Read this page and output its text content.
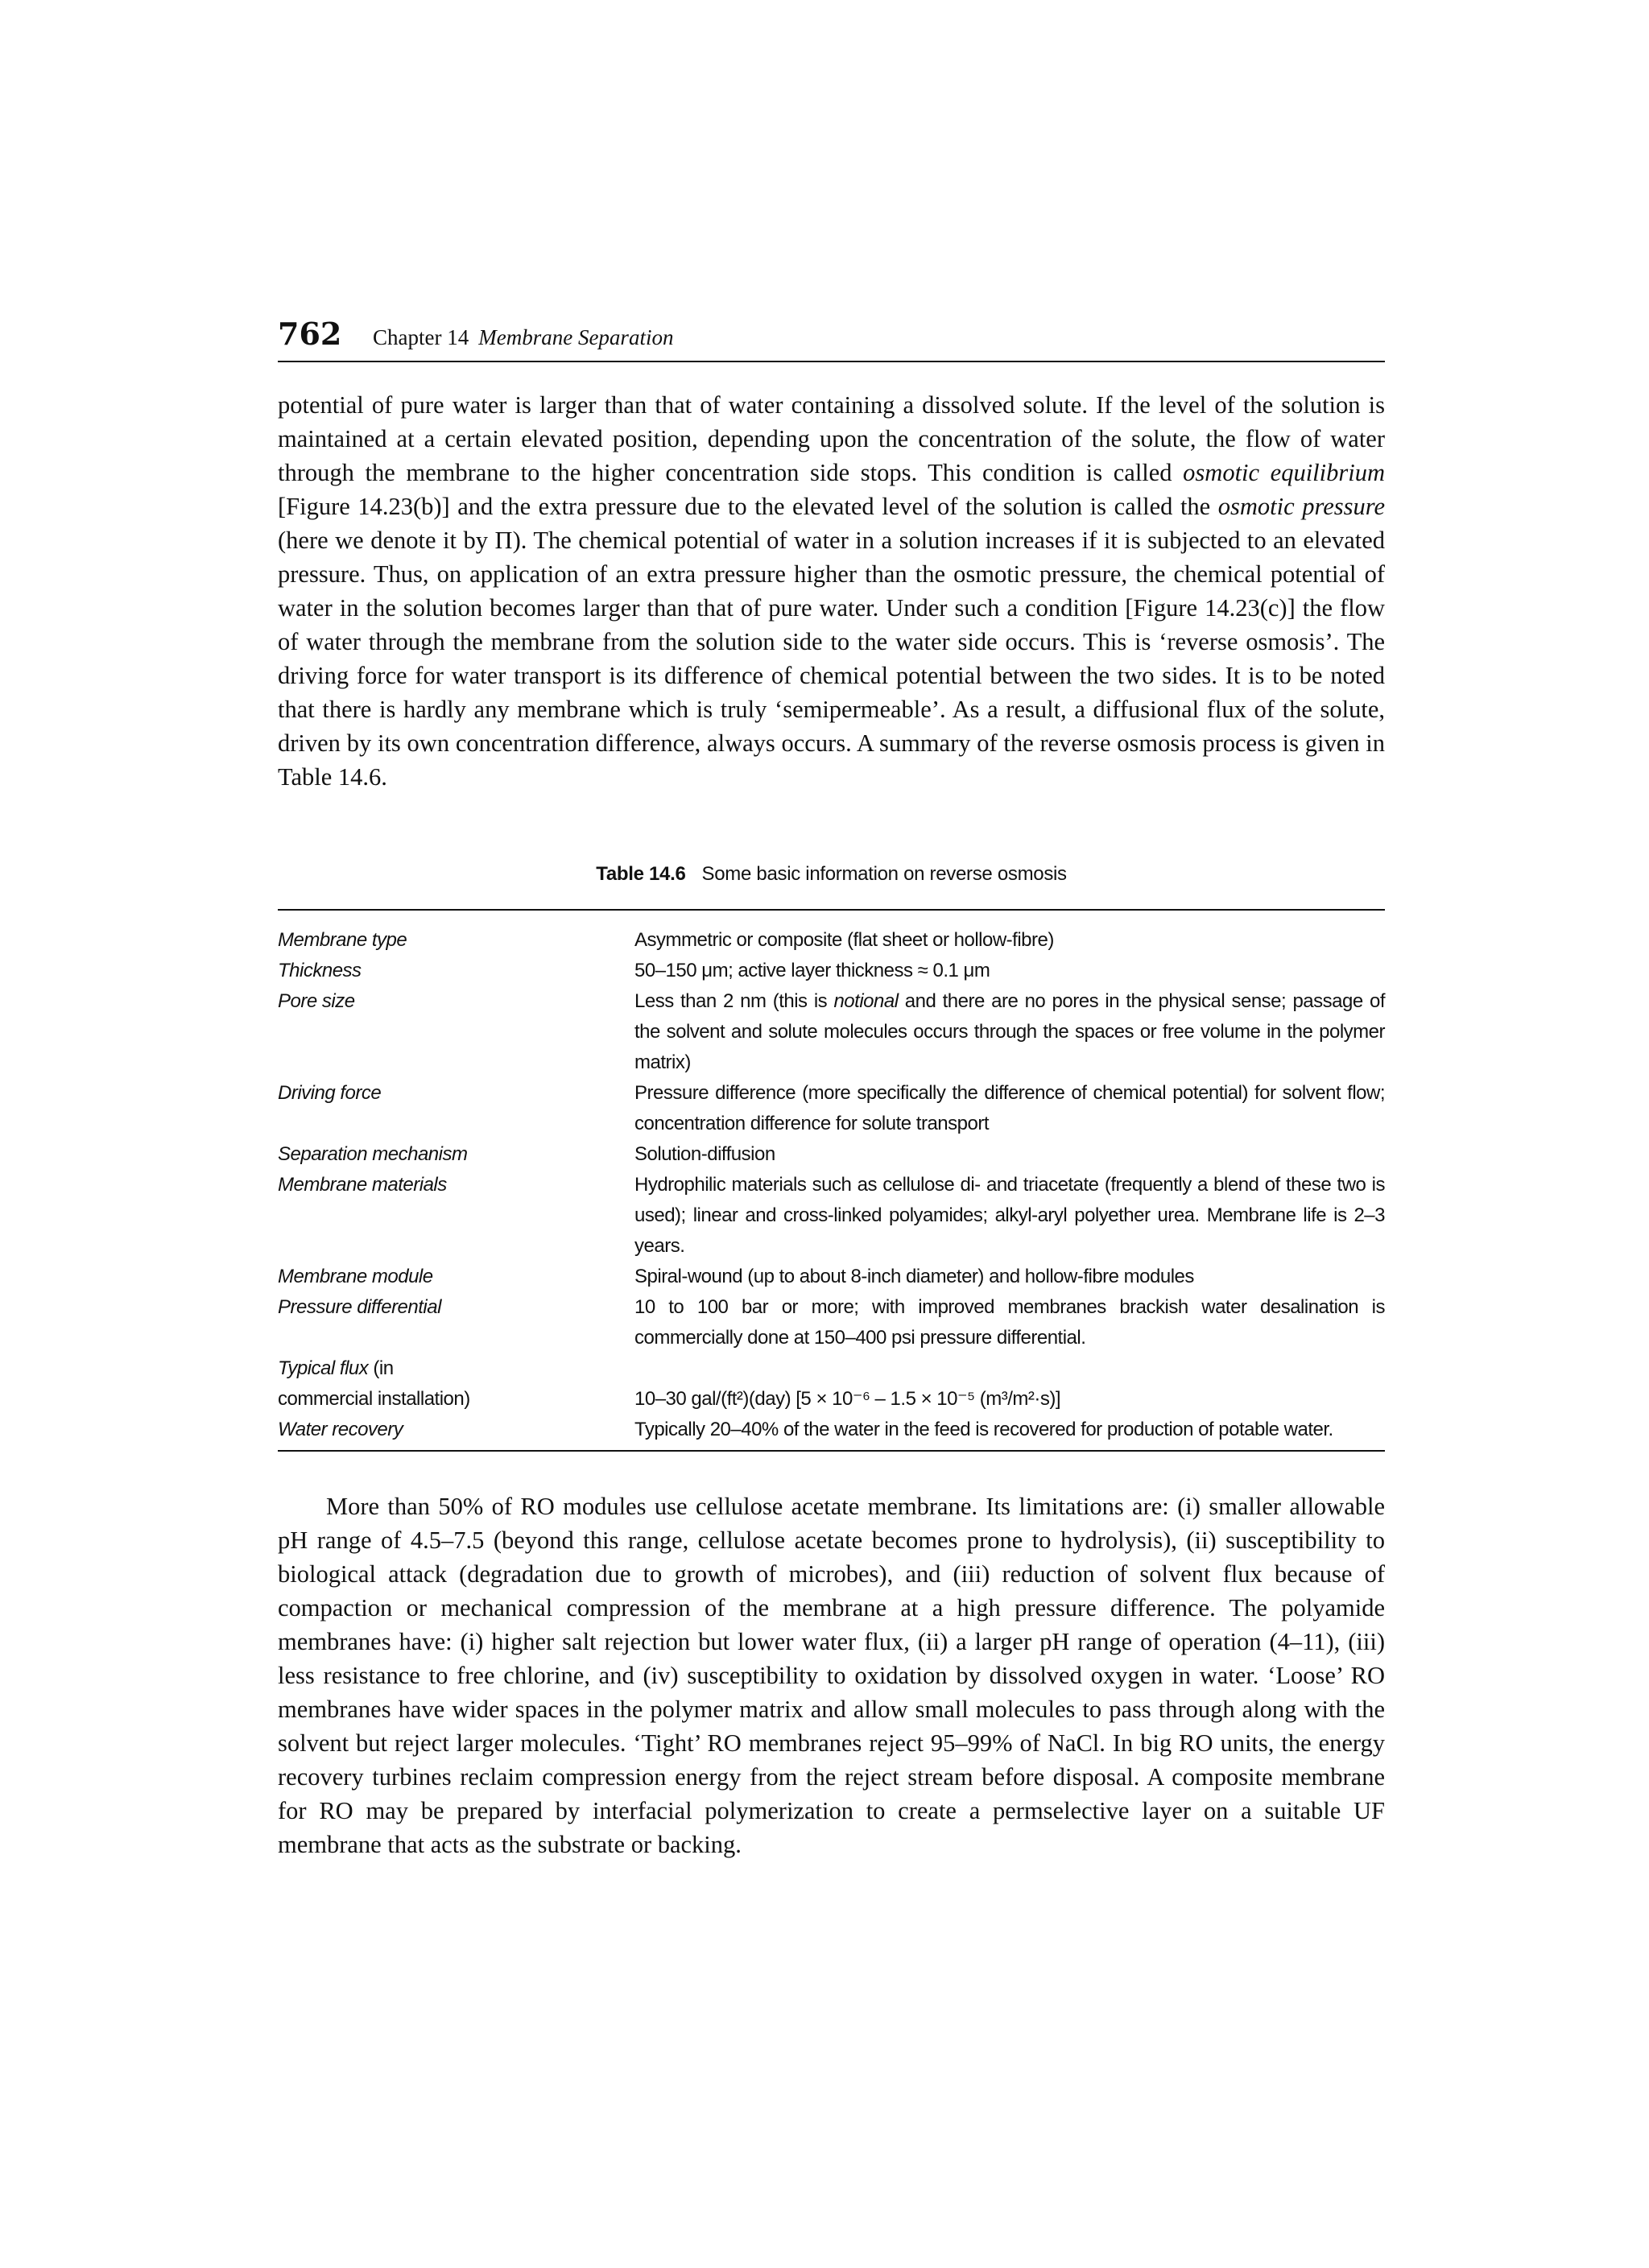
762 Chapter 14 Membrane Separation

potential of pure water is larger than that of water containing a dissolved solute. If the level of the solution is maintained at a certain elevated position, depending upon the concentration of the solute, the flow of water through the membrane to the higher concentration side stops. This condition is called osmotic equilibrium [Figure 14.23(b)] and the extra pressure due to the elevated level of the solution is called the osmotic pressure (here we denote it by Π). The chemical potential of water in a solution increases if it is subjected to an elevated pressure. Thus, on application of an extra pressure higher than the osmotic pressure, the chemical potential of water in the solution becomes larger than that of pure water. Under such a condition [Figure 14.23(c)] the flow of water through the membrane from the solution side to the water side occurs. This is ‘reverse osmosis’. The driving force for water transport is its difference of chemical potential between the two sides. It is to be noted that there is hardly any membrane which is truly ‘semipermeable’. As a result, a diffusional flux of the solute, driven by its own concentration difference, always occurs. A summary of the reverse osmosis process is given in Table 14.6.

Table 14.6 Some basic information on reverse osmosis
Membrane type	Asymmetric or composite (flat sheet or hollow-fibre)
Thickness	50–150 μm; active layer thickness ≈ 0.1 μm
Pore size	Less than 2 nm (this is notional and there are no pores in the physical sense; passage of the solvent and solute molecules occurs through the spaces or free volume in the polymer matrix)
Driving force	Pressure difference (more specifically the difference of chemical potential) for solvent flow; concentration difference for solute transport
Separation mechanism	Solution-diffusion
Membrane materials	Hydrophilic materials such as cellulose di- and triacetate (frequently a blend of these two is used); linear and cross-linked polyamides; alkyl-aryl polyether urea. Membrane life is 2–3 years.
Membrane module	Spiral-wound (up to about 8-inch diameter) and hollow-fibre modules
Pressure differential	10 to 100 bar or more; with improved membranes brackish water desalination is commercially done at 150–400 psi pressure differential.
Typical flux (in
commercial installation)	10–30 gal/(ft²)(day) [5 × 10⁻⁶ – 1.5 × 10⁻⁵ (m³/m²·s)]
Water recovery	Typically 20–40% of the water in the feed is recovered for production of potable water.

More than 50% of RO modules use cellulose acetate membrane. Its limitations are: (i) smaller allowable pH range of 4.5–7.5 (beyond this range, cellulose acetate becomes prone to hydrolysis), (ii) susceptibility to biological attack (degradation due to growth of microbes), and (iii) reduction of solvent flux because of compaction or mechanical compression of the membrane at a high pressure difference. The polyamide membranes have: (i) higher salt rejection but lower water flux, (ii) a larger pH range of operation (4–11), (iii) less resistance to free chlorine, and (iv) susceptibility to oxidation by dissolved oxygen in water. ‘Loose’ RO membranes have wider spaces in the polymer matrix and allow small molecules to pass through along with the solvent but reject larger molecules. ‘Tight’ RO membranes reject 95–99% of NaCl. In big RO units, the energy recovery turbines reclaim compression energy from the reject stream before disposal. A composite membrane for RO may be prepared by interfacial polymerization to create a permselective layer on a suitable UF membrane that acts as the substrate or backing.
